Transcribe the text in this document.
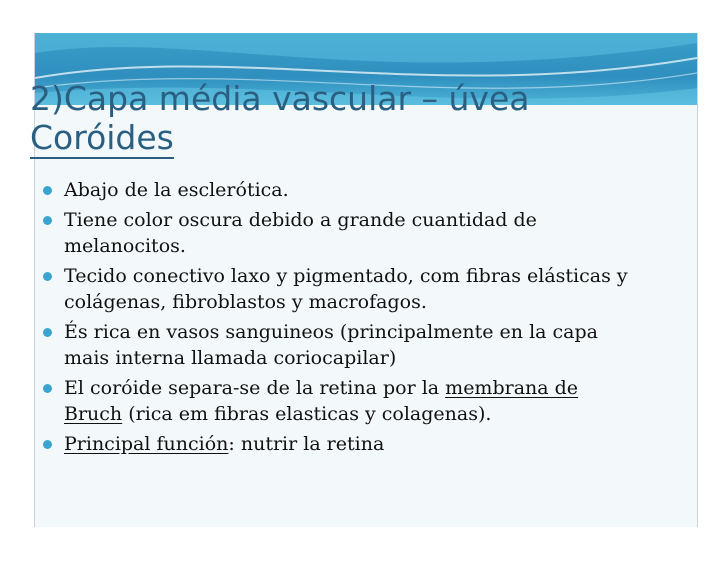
2)Capa média vascular – úvea

Coróides
Abajo de la esclerótica.
Tiene color oscura debido a grande cuantidad de melanocitos.
Tecido conectivo laxo y pigmentado, com fibras elásticas y colágenas, fibroblastos y macrofagos.
És rica en vasos sanguineos (principalmente en la capa mais interna llamada coriocapilar)
El coróide separa-se de la retina por la membrana de Bruch (rica em fibras elasticas y colagenas).
Principal función: nutrir la retina
